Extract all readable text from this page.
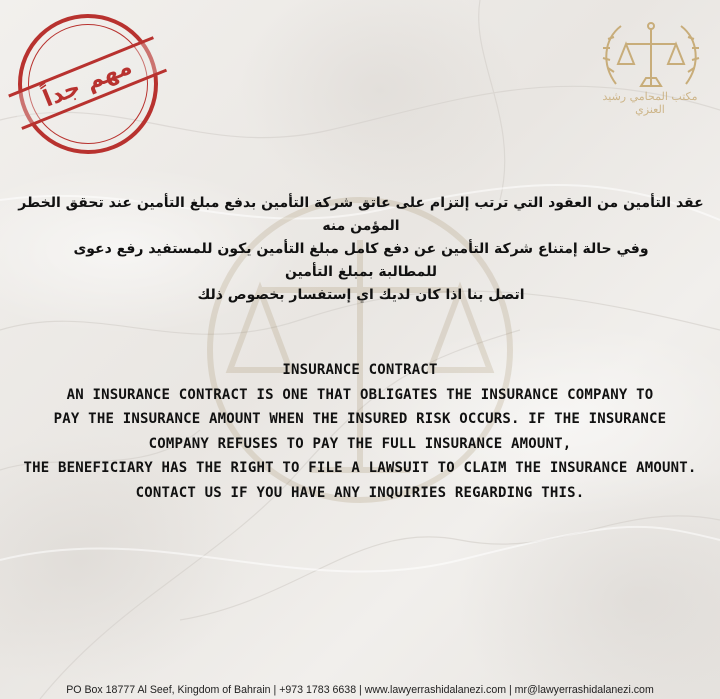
مهم جداً	مكتب المحامي رشيد العنزي
عقد التأمين من العقود التي ترتب إلتزام على عاتق شركة التأمين بدفع مبلغ التأمين عند تحقق الخطر
المؤمن منه
وفي حالة إمتناع شركة التأمين عن دفع كامل مبلغ التأمين يكون للمستفيد رفع دعوى
للمطالبة بمبلغ التأمين
اتصل بنا اذا كان لديك اي إستفسار بخصوص ذلك
INSURANCE CONTRACT
AN INSURANCE CONTRACT IS ONE THAT OBLIGATES THE INSURANCE COMPANY TO
PAY THE INSURANCE AMOUNT WHEN THE INSURED RISK OCCURS. IF THE INSURANCE
COMPANY REFUSES TO PAY THE FULL INSURANCE AMOUNT,
THE BENEFICIARY HAS THE RIGHT TO FILE A LAWSUIT TO CLAIM THE INSURANCE AMOUNT.
CONTACT US IF YOU HAVE ANY INQUIRIES REGARDING THIS.
PO Box 18777 Al Seef, Kingdom of Bahrain | +973 1783 6638 | www.lawyerrashidalanezi.com | mr@lawyerrashidalanezi.com
